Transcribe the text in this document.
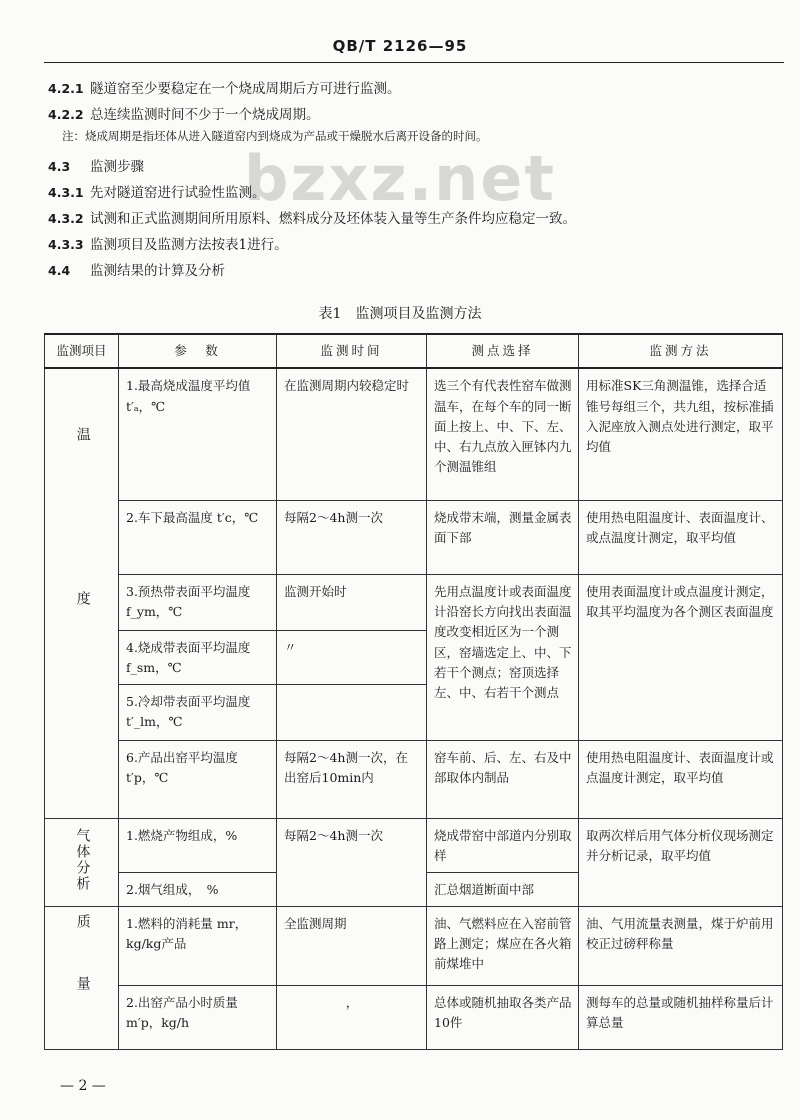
QB/T 2126—95
4.2.1 隧道窑至少要稳定在一个烧成周期后方可进行监测。
4.2.2 总连续监测时间不少于一个烧成周期。
注：烧成周期是指坯体从进入隧道窑内到烧成为产品或干燥脱水后离开设备的时间。
bzxz.net
4.3 监测步骤
4.3.1 先对隧道窑进行试验性监测。
4.3.2 试测和正式监测期间所用原料、燃料成分及坯体装入量等生产条件均应稳定一致。
4.3.3 监测项目及监测方法按表1进行。
4.4 监测结果的计算及分析
表1　监测项目及监测方法
监测项目	参　数	监测时间	测点选择	监测方法
温度	1.最高烧成温度平均值 t′ₐ，℃	在监测周期内较稳定时	选三个有代表性窑车做测温车，在每个车的同一断面上按上、中、下、左、中、右九点放入匣钵内九个测温锥组	用标准SK三角测温锥，选择合适锥号每组三个，共九组，按标准插入泥座放入测点处进行测定，取平均值
	2.车下最高温度 t′c，℃	每隔2～4h测一次	烧成带末端，测量金属表面下部	使用热电阻温度计、表面温度计、或点温度计测定，取平均值
	3.预热带表面平均温度 f_ym，℃	监测开始时	先用点温度计或表面温度计沿窑长方向找出表面温度改变相近区为一个测区，窑墙选定上、中、下若干个测点；窑顶选择左、中、右若干个测点	使用表面温度计或点温度计测定，取其平均温度为各个测区表面温度
	4.烧成带表面平均温度 f_sm，℃	〃		
	5.冷却带表面平均温度 t′_lm，℃			
	6.产品出窑平均温度 t′p，℃	每隔2～4h测一次，在出窑后10min内	窑车前、后、左、右及中部取体内制品	使用热电阻温度计、表面温度计或点温度计测定，取平均值
气体分析	1.燃烧产物组成，%	每隔2～4h测一次	烧成带窑中部道内分别取样	取两次样后用气体分析仪现场测定并分析记录，取平均值
	2.烟气组成，　%		汇总烟道断面中部	
质量	1.燃料的消耗量 mr，kg/kg产品	全监测周期	油、气燃料应在入窑前管路上测定；煤应在各火箱前煤堆中	油、气用流量表测量，煤于炉前用校正过磅秤称量
	2.出窑产品小时质量 m′p，kg/h	，	总体或随机抽取各类产品10件	测每车的总量或随机抽样称量后计算总量
— 2 —
